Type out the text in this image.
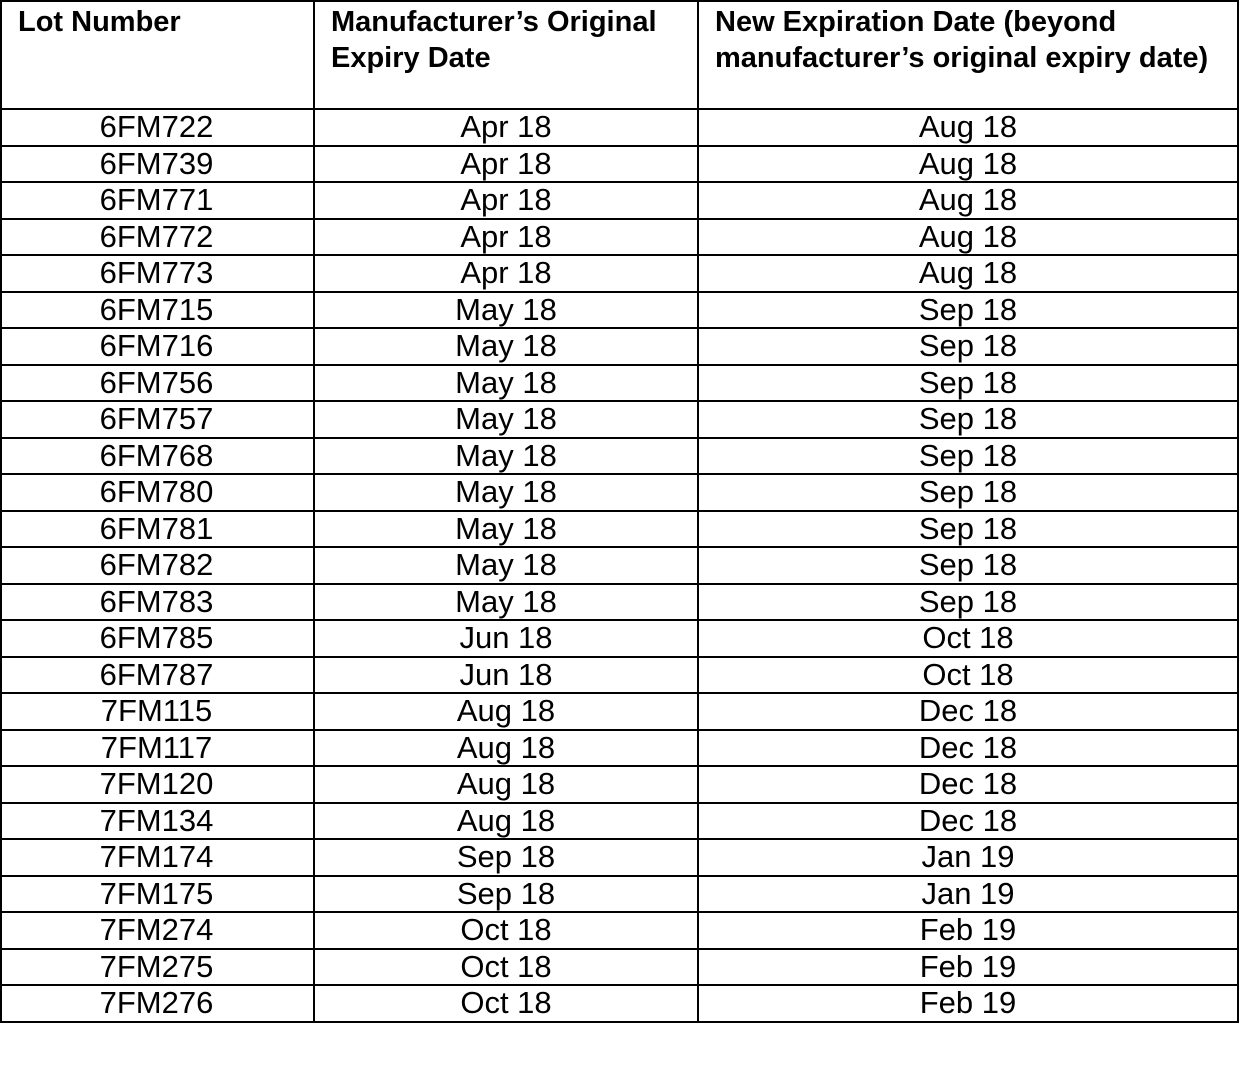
Lot Number	Manufacturer’s Original Expiry Date	New Expiration Date (beyond manufacturer’s original expiry date)
6FM722	Apr 18	Aug 18
6FM739	Apr 18	Aug 18
6FM771	Apr 18	Aug 18
6FM772	Apr 18	Aug 18
6FM773	Apr 18	Aug 18
6FM715	May 18	Sep 18
6FM716	May 18	Sep 18
6FM756	May 18	Sep 18
6FM757	May 18	Sep 18
6FM768	May 18	Sep 18
6FM780	May 18	Sep 18
6FM781	May 18	Sep 18
6FM782	May 18	Sep 18
6FM783	May 18	Sep 18
6FM785	Jun 18	Oct 18
6FM787	Jun 18	Oct 18
7FM115	Aug 18	Dec 18
7FM117	Aug 18	Dec 18
7FM120	Aug 18	Dec 18
7FM134	Aug 18	Dec 18
7FM174	Sep 18	Jan 19
7FM175	Sep 18	Jan 19
7FM274	Oct 18	Feb 19
7FM275	Oct 18	Feb 19
7FM276	Oct 18	Feb 19
